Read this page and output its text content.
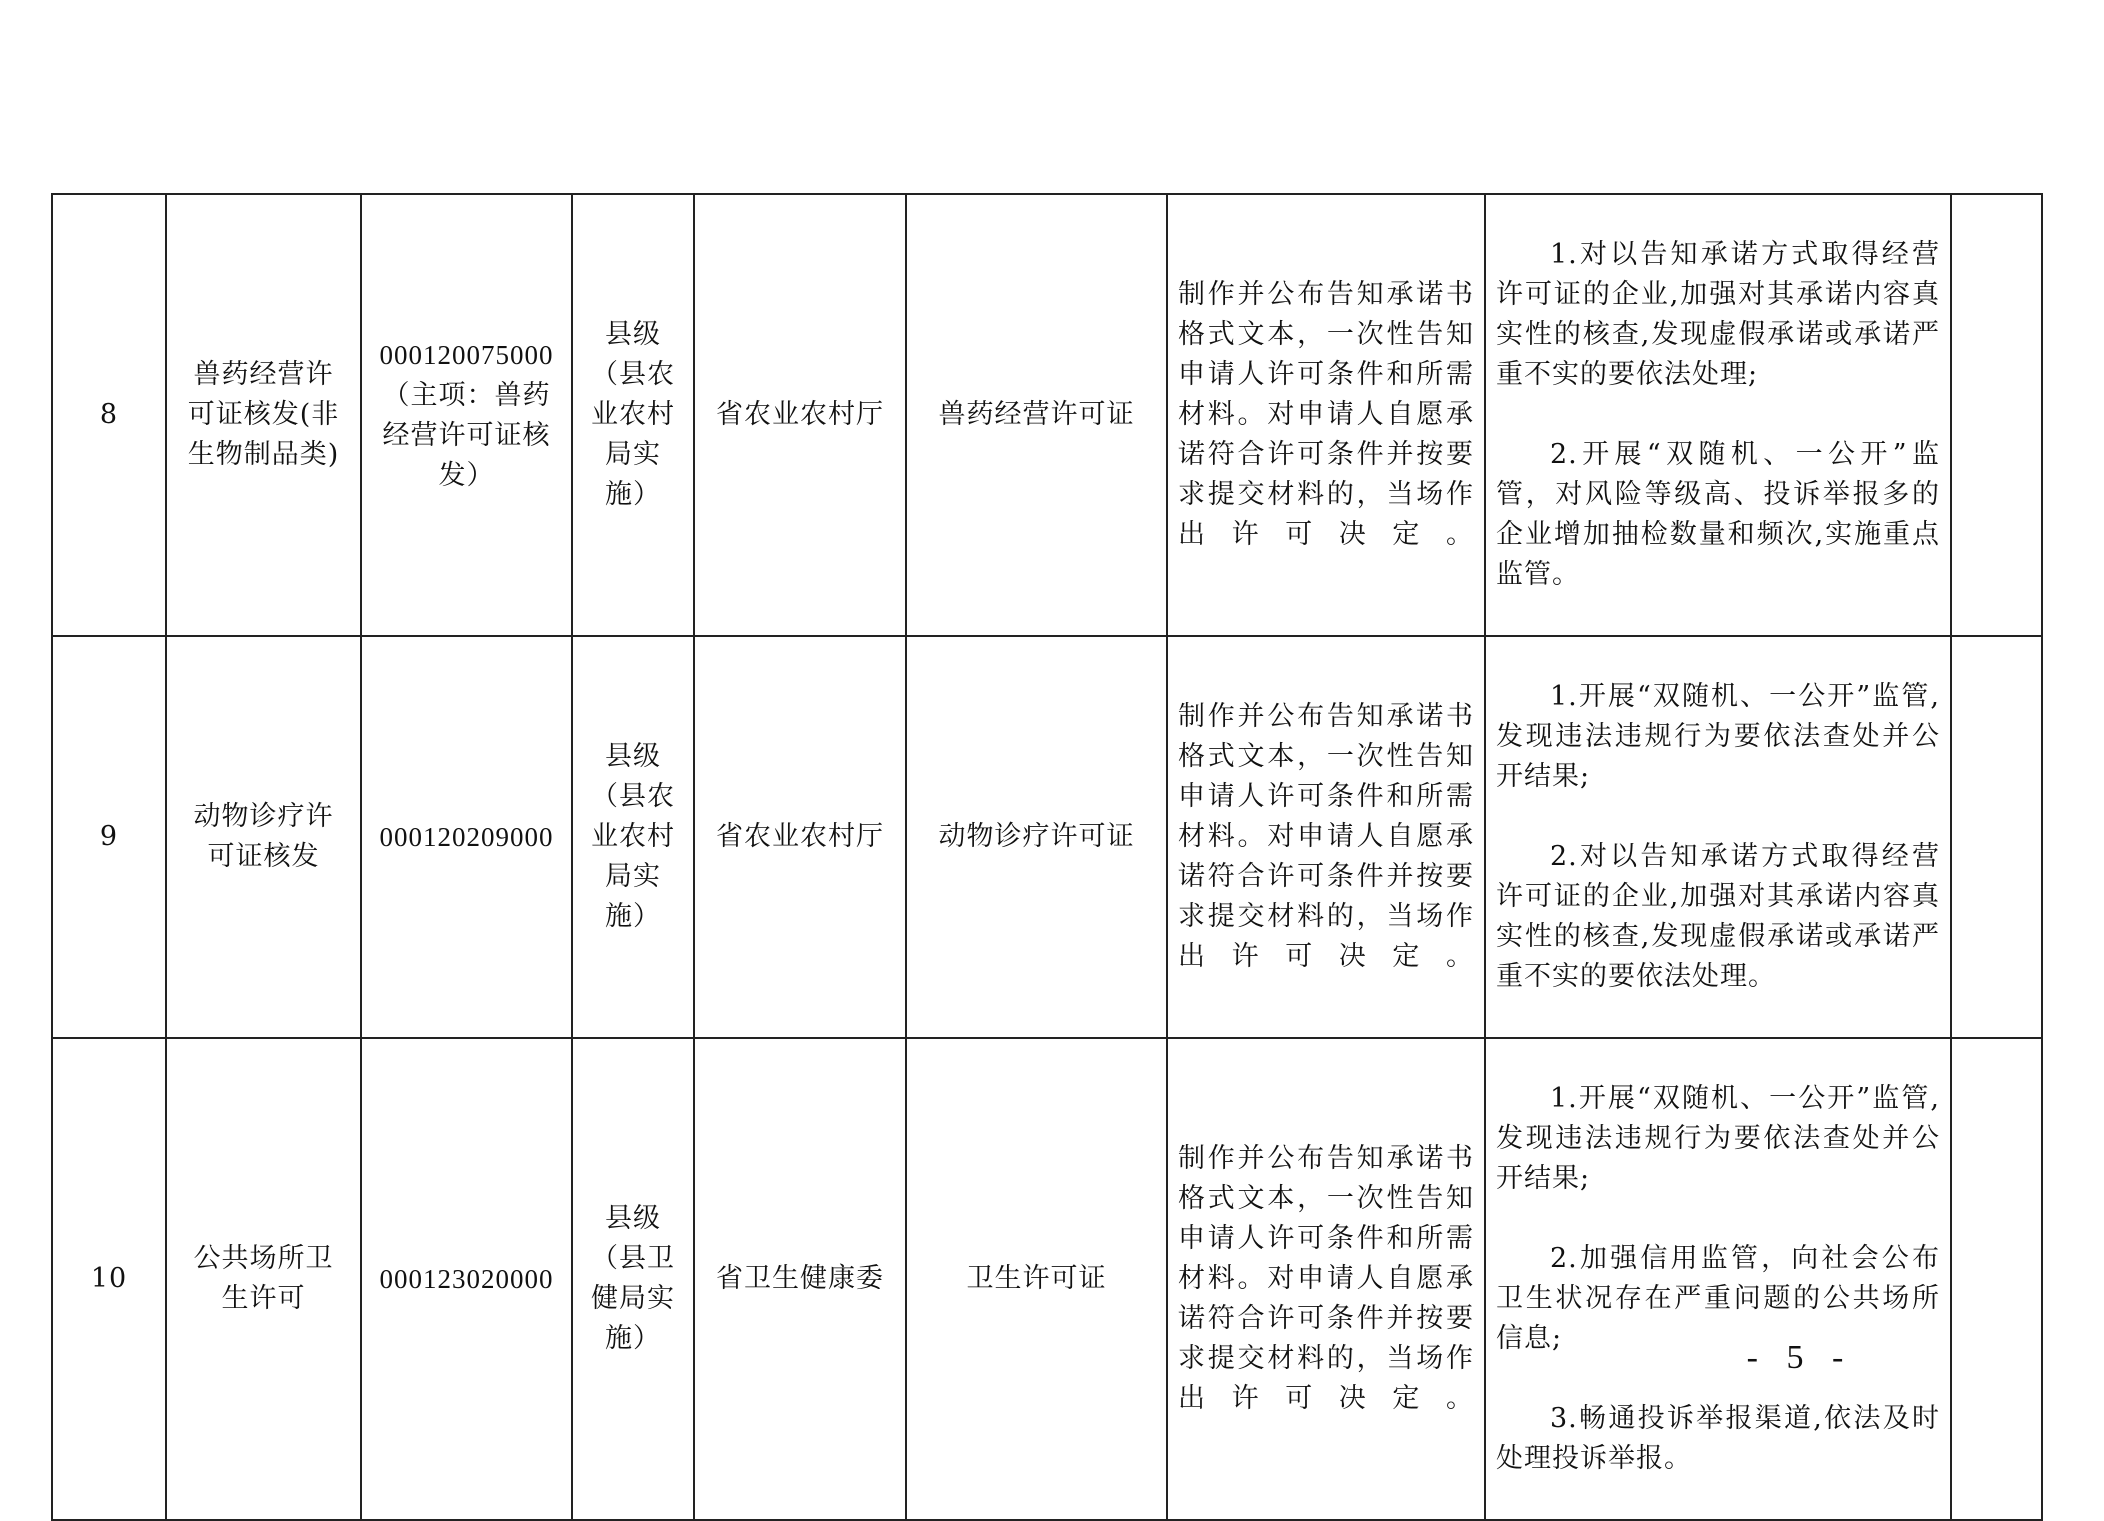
8	兽药经营许
可证核发(非
生物制品类)	000120075000
（主项：兽药
经营许可证核
发）	县级
（县农
业农村
局实
施）	省农业农村厅	兽药经营许可证	制作并公布告知承诺书格式文本，一次性告知申请人许可条件和所需材料。对申请人自愿承诺符合许可条件并按要求提交材料的，当场作出许可决定。	1.对以告知承诺方式取得经营许可证的企业,加强对其承诺内容真实性的核查,发现虚假承诺或承诺严重不实的要依法处理;

2.开展“双随机、一公开”监管，对风险等级高、投诉举报多的企业增加抽检数量和频次,实施重点监管。	

9	动物诊疗许
可证核发	000120209000	县级
（县农
业农村
局实
施）	省农业农村厅	动物诊疗许可证	制作并公布告知承诺书格式文本，一次性告知申请人许可条件和所需材料。对申请人自愿承诺符合许可条件并按要求提交材料的，当场作出许可决定。	1.开展“双随机、一公开”监管,发现违法违规行为要依法查处并公开结果;

2.对以告知承诺方式取得经营许可证的企业,加强对其承诺内容真实性的核查,发现虚假承诺或承诺严重不实的要依法处理。	

10	公共场所卫
生许可	000123020000	县级
（县卫
健局实
施）	省卫生健康委	卫生许可证	制作并公布告知承诺书格式文本，一次性告知申请人许可条件和所需材料。对申请人自愿承诺符合许可条件并按要求提交材料的，当场作出许可决定。	1.开展“双随机、一公开”监管,发现违法违规行为要依法查处并公开结果;

2.加强信用监管，向社会公布卫生状况存在严重问题的公共场所信息;

3.畅通投诉举报渠道,依法及时处理投诉举报。	

- 5 -
